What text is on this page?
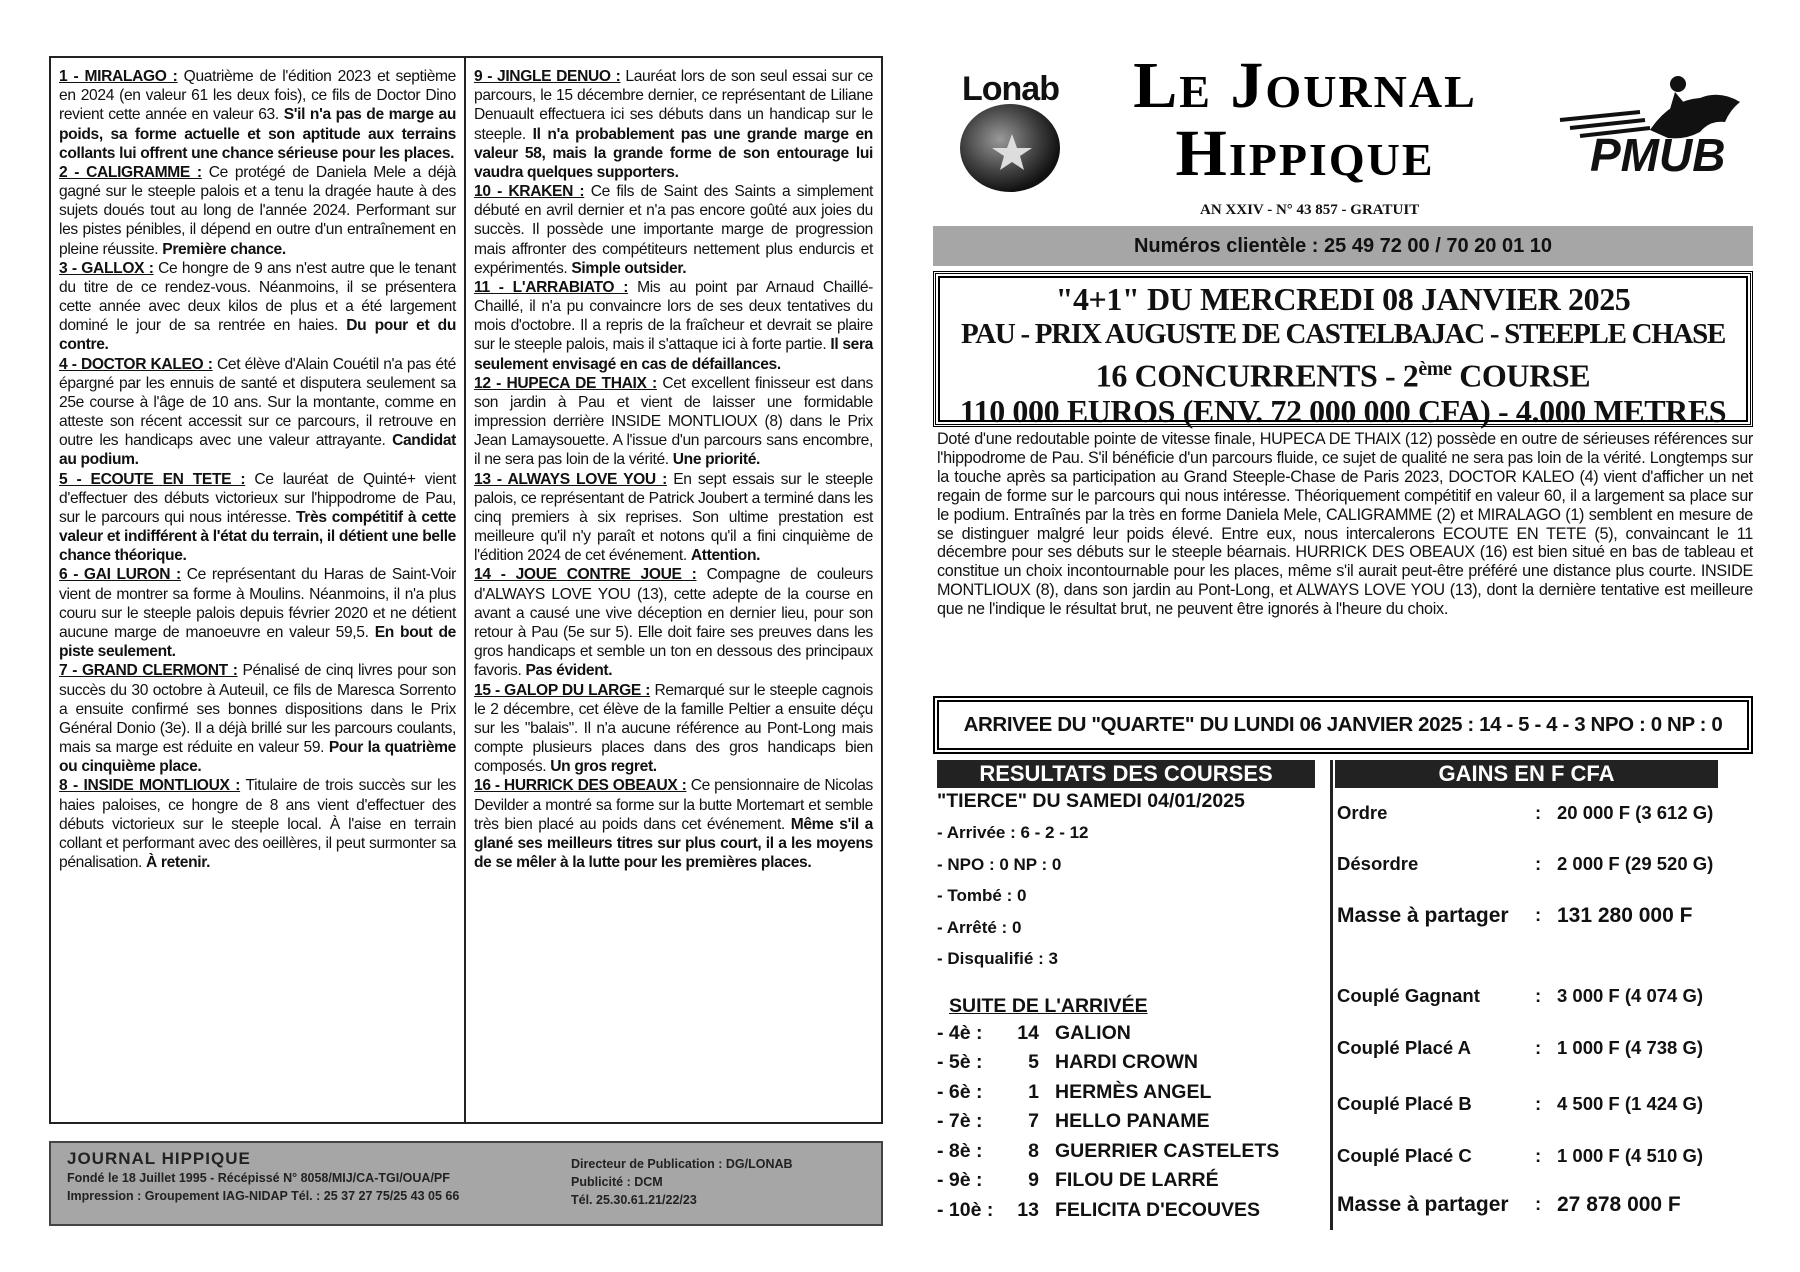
1 - MIRALAGO : Quatrième de l'édition 2023 et septième en 2024 (en valeur 61 les deux fois), ce fils de Doctor Dino revient cette année en valeur 63. S'il n'a pas de marge au poids, sa forme actuelle et son aptitude aux terrains collants lui offrent une chance sérieuse pour les places.

2 - CALIGRAMME : Ce protégé de Daniela Mele a déjà gagné sur le steeple palois et a tenu la dragée haute à des sujets doués tout au long de l'année 2024. Performant sur les pistes pénibles, il dépend en outre d'un entraînement en pleine réussite. Première chance.

3 - GALLOX : Ce hongre de 9 ans n'est autre que le tenant du titre de ce rendez-vous. Néanmoins, il se présentera cette année avec deux kilos de plus et a été largement dominé le jour de sa rentrée en haies. Du pour et du contre.

4 - DOCTOR KALEO : Cet élève d'Alain Couétil n'a pas été épargné par les ennuis de santé et disputera seulement sa 25e course à l'âge de 10 ans. Sur la montante, comme en atteste son récent accessit sur ce parcours, il retrouve en outre les handicaps avec une valeur attrayante. Candidat au podium.

5 - ECOUTE EN TETE : Ce lauréat de Quinté+ vient d'effectuer des débuts victorieux sur l'hippodrome de Pau, sur le parcours qui nous intéresse. Très compétitif à cette valeur et indifférent à l'état du terrain, il détient une belle chance théorique.

6 - GAI LURON : Ce représentant du Haras de Saint-Voir vient de montrer sa forme à Moulins. Néanmoins, il n'a plus couru sur le steeple palois depuis février 2020 et ne détient aucune marge de manoeuvre en valeur 59,5. En bout de piste seulement.

7 - GRAND CLERMONT : Pénalisé de cinq livres pour son succès du 30 octobre à Auteuil, ce fils de Maresca Sorrento a ensuite confirmé ses bonnes dispositions dans le Prix Général Donio (3e). Il a déjà brillé sur les parcours coulants, mais sa marge est réduite en valeur 59. Pour la quatrième ou cinquième place.

8 - INSIDE MONTLIOUX : Titulaire de trois succès sur les haies paloises, ce hongre de 8 ans vient d'effectuer des débuts victorieux sur le steeple local. À l'aise en terrain collant et performant avec des oeillères, il peut surmonter sa pénalisation. À retenir.

9 - JINGLE DENUO : Lauréat lors de son seul essai sur ce parcours, le 15 décembre dernier, ce représentant de Liliane Denuault effectuera ici ses débuts dans un handicap sur le steeple. Il n'a probablement pas une grande marge en valeur 58, mais la grande forme de son entourage lui vaudra quelques supporters.

10 - KRAKEN : Ce fils de Saint des Saints a simplement débuté en avril dernier et n'a pas encore goûté aux joies du succès. Il possède une importante marge de progression mais affronter des compétiteurs nettement plus endurcis et expérimentés. Simple outsider.

11 - L'ARRABIATO : Mis au point par Arnaud Chaillé-Chaillé, il n'a pu convaincre lors de ses deux tentatives du mois d'octobre. Il a repris de la fraîcheur et devrait se plaire sur le steeple palois, mais il s'attaque ici à forte partie. Il sera seulement envisagé en cas de défaillances.

12 - HUPECA DE THAIX : Cet excellent finisseur est dans son jardin à Pau et vient de laisser une formidable impression derrière INSIDE MONTLIOUX (8) dans le Prix Jean Lamaysouette. A l'issue d'un parcours sans encombre, il ne sera pas loin de la vérité. Une priorité.

13 - ALWAYS LOVE YOU : En sept essais sur le steeple palois, ce représentant de Patrick Joubert a terminé dans les cinq premiers à six reprises. Son ultime prestation est meilleure qu'il n'y paraît et notons qu'il a fini cinquième de l'édition 2024 de cet événement. Attention.

14 - JOUE CONTRE JOUE : Compagne de couleurs d'ALWAYS LOVE YOU (13), cette adepte de la course en avant a causé une vive déception en dernier lieu, pour son retour à Pau (5e sur 5). Elle doit faire ses preuves dans les gros handicaps et semble un ton en dessous des principaux favoris. Pas évident.

15 - GALOP DU LARGE : Remarqué sur le steeple cagnois le 2 décembre, cet élève de la famille Peltier a ensuite déçu sur les "balais". Il n'a aucune référence au Pont-Long mais compte plusieurs places dans des gros handicaps bien composés. Un gros regret.

16 - HURRICK DES OBEAUX : Ce pensionnaire de Nicolas Devilder a montré sa forme sur la butte Mortemart et semble très bien placé au poids dans cet événement. Même s'il a glané ses meilleurs titres sur plus court, il a les moyens de se mêler à la lutte pour les premières places.

JOURNAL HIPPIQUE
Fondé le 18 Juillet 1995 - Récépissé N° 8058/MIJ/CA-TGI/OUA/PF
Impression : Groupement IAG-NIDAP Tél. : 25 37 27 75/25 43 05 66
Directeur de Publication : DG/LONAB
Publicité : DCM
Tél. 25.30.61.21/22/23
Lonab	Le Journal
Hippique
AN XXIV - N° 43 857 - GRATUIT
PMUB
Numéros clientèle : 25 49 72 00 / 70 20 01 10
"4+1" DU MERCREDI 08 JANVIER 2025
PAU - PRIX AUGUSTE DE CASTELBAJAC - STEEPLE CHASE
16 CONCURRENTS - 2ème COURSE
110 000 EUROS (ENV. 72 000 000 CFA) - 4.000 METRES
Doté d'une redoutable pointe de vitesse finale, HUPECA DE THAIX (12) possède en outre de sérieuses références sur l'hippodrome de Pau. S'il bénéficie d'un parcours fluide, ce sujet de qualité ne sera pas loin de la vérité. Longtemps sur la touche après sa participation au Grand Steeple-Chase de Paris 2023, DOCTOR KALEO (4) vient d'afficher un net regain de forme sur le parcours qui nous intéresse. Théoriquement compétitif en valeur 60, il a largement sa place sur le podium. Entraînés par la très en forme Daniela Mele, CALIGRAMME (2) et MIRALAGO (1) semblent en mesure de se distinguer malgré leur poids élevé. Entre eux, nous intercalerons ECOUTE EN TETE (5), convaincant le 11 décembre pour ses débuts sur le steeple béarnais. HURRICK DES OBEAUX (16) est bien situé en bas de tableau et constitue un choix incontournable pour les places, même s'il aurait peut-être préféré une distance plus courte. INSIDE MONTLIOUX (8), dans son jardin au Pont-Long, et ALWAYS LOVE YOU (13), dont la dernière tentative est meilleure que ne l'indique le résultat brut, ne peuvent être ignorés à l'heure du choix.
ARRIVEE DU "QUARTE" DU LUNDI 06 JANVIER 2025 : 14 - 5 - 4 - 3 NPO : 0 NP : 0
RESULTATS DES COURSES	GAINS EN F CFA
"TIERCE" DU SAMEDI 04/01/2025
- Arrivée : 6 - 2 - 12
- NPO : 0 NP : 0
- Tombé : 0
- Arrêté : 0
- Disqualifié : 3
SUITE DE L'ARRIVÉE
- 4è :	14 GALION
- 5è :	5 HARDI CROWN
- 6è :	1 HERMÈS ANGEL
- 7è :	7 HELLO PANAME
- 8è :	8 GUERRIER CASTELETS
- 9è :	9 FILOU DE LARRÉ
- 10è :	13 FELICITA D'ECOUVES
Ordre	: 20 000 F (3 612 G)
Désordre	: 2 000 F (29 520 G)
Masse à partager	: 131 280 000 F
Couplé Gagnant	: 3 000 F (4 074 G)
Couplé Placé A	: 1 000 F (4 738 G)
Couplé Placé B	: 4 500 F (1 424 G)
Couplé Placé C	: 1 000 F (4 510 G)
Masse à partager	: 27 878 000 F
